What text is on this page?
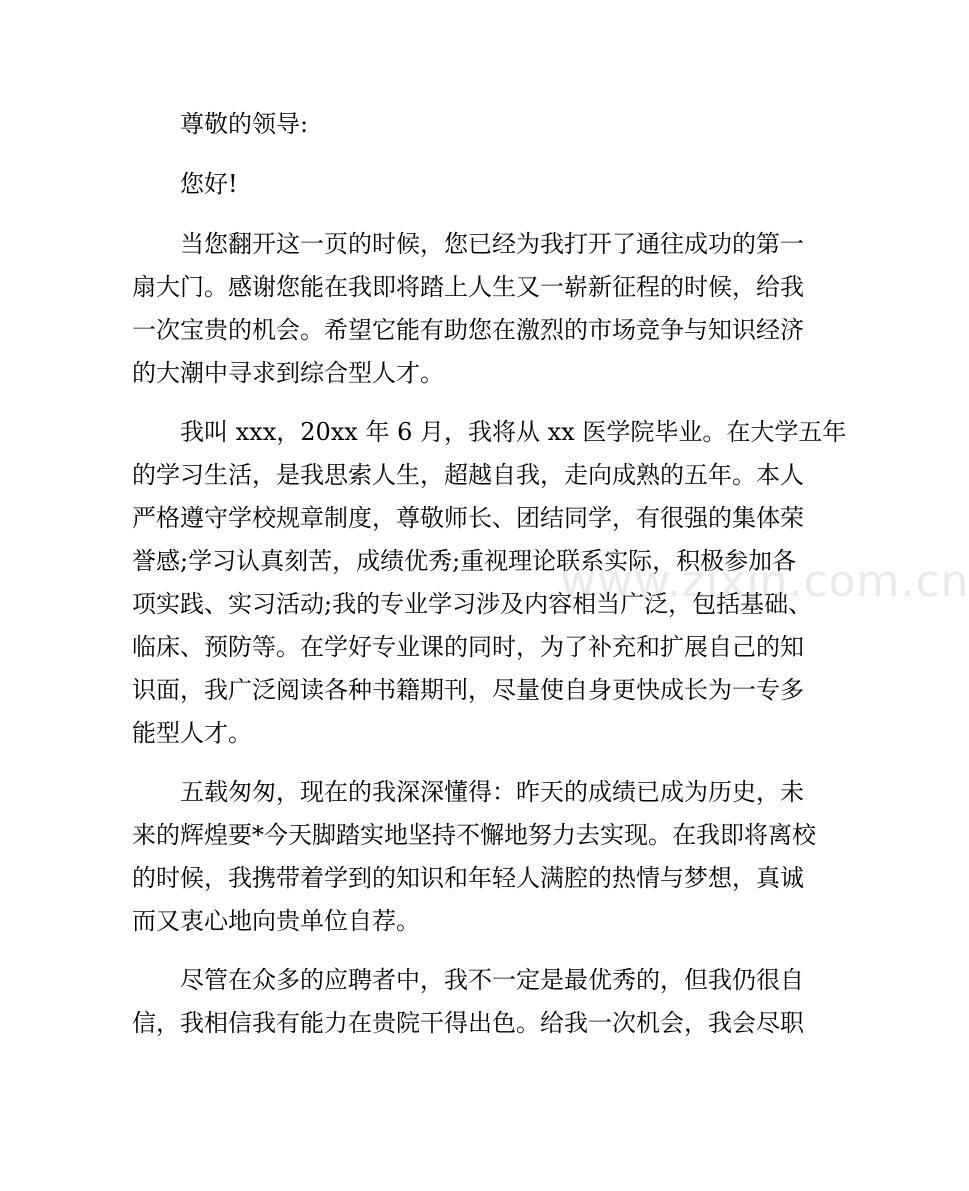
www.zixin.com.cn
尊敬的领导:
您好!
当您翻开这一页的时候，您已经为我打开了通往成功的第一
扇大门。感谢您能在我即将踏上人生又一崭新征程的时候，给我
一次宝贵的机会。希望它能有助您在激烈的市场竞争与知识经济
的大潮中寻求到综合型人才。
我叫 xxx，20xx 年 6 月，我将从 xx 医学院毕业。在大学五年
的学习生活，是我思索人生，超越自我，走向成熟的五年。本人
严格遵守学校规章制度，尊敬师长、团结同学，有很强的集体荣
誉感;学习认真刻苦，成绩优秀;重视理论联系实际，积极参加各
项实践、实习活动;我的专业学习涉及内容相当广泛，包括基础、
临床、预防等。在学好专业课的同时，为了补充和扩展自己的知
识面，我广泛阅读各种书籍期刊，尽量使自身更快成长为一专多
能型人才。
五载匆匆，现在的我深深懂得：昨天的成绩已成为历史，未
来的辉煌要*今天脚踏实地坚持不懈地努力去实现。在我即将离校
的时候，我携带着学到的知识和年轻人满腔的热情与梦想，真诚
而又衷心地向贵单位自荐。
尽管在众多的应聘者中，我不一定是最优秀的，但我仍很自
信，我相信我有能力在贵院干得出色。给我一次机会，我会尽职
